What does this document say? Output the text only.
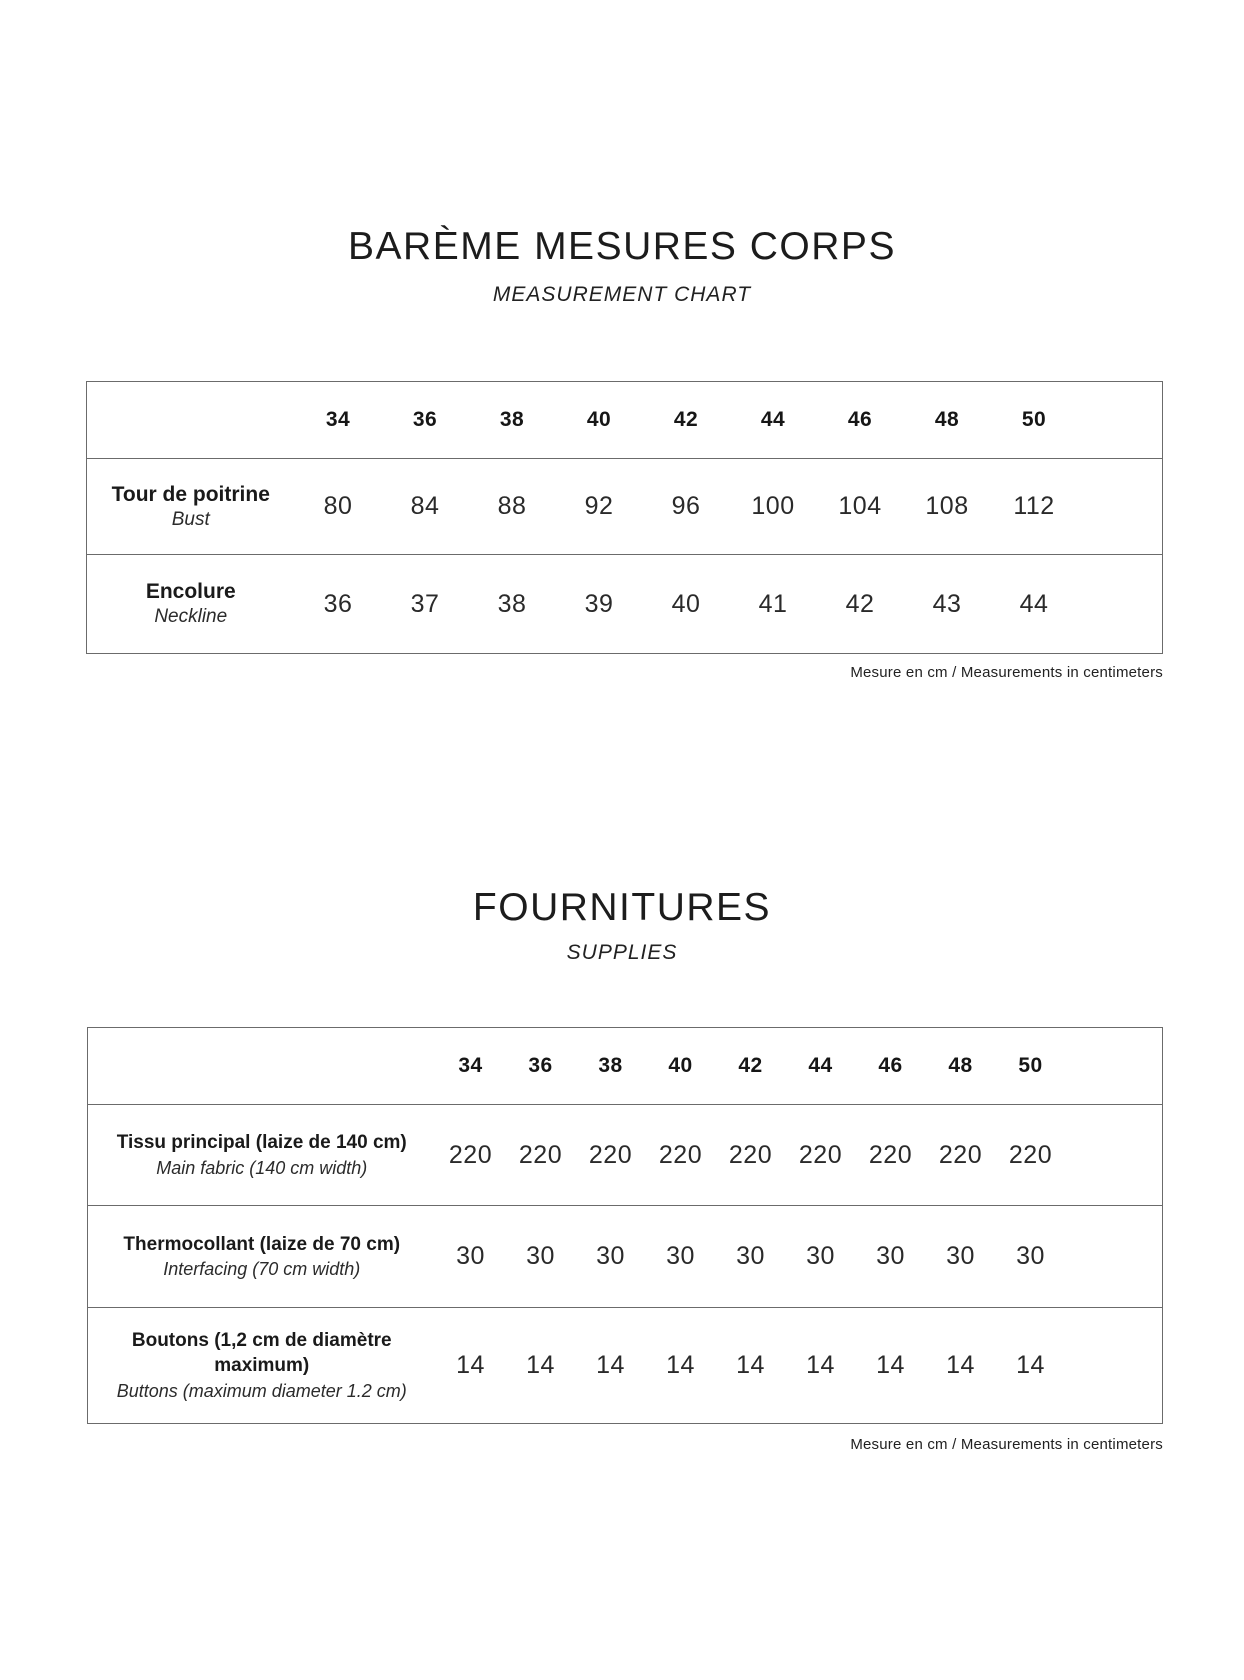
BARÈME MESURES CORPS
MEASUREMENT CHART
	34	36	38	40	42	44	46	48	50	

Tour de poitrine
Bust	80	84	88	92	96	100	104	108	112	

Encolure
Neckline	36	37	38	39	40	41	42	43	44	
Mesure en cm / Measurements in centimeters
FOURNITURES
SUPPLIES
	34	36	38	40	42	44	46	48	50	

Tissu principal (laize de 140 cm)
Main fabric (140 cm width)	220	220	220	220	220	220	220	220	220	

Thermocollant (laize de 70 cm)
Interfacing (70 cm width)	30	30	30	30	30	30	30	30	30	

Boutons (1,2 cm de diamètre
maximum)
Buttons (maximum diameter 1.2 cm)	14	14	14	14	14	14	14	14	14	
Mesure en cm / Measurements in centimeters
